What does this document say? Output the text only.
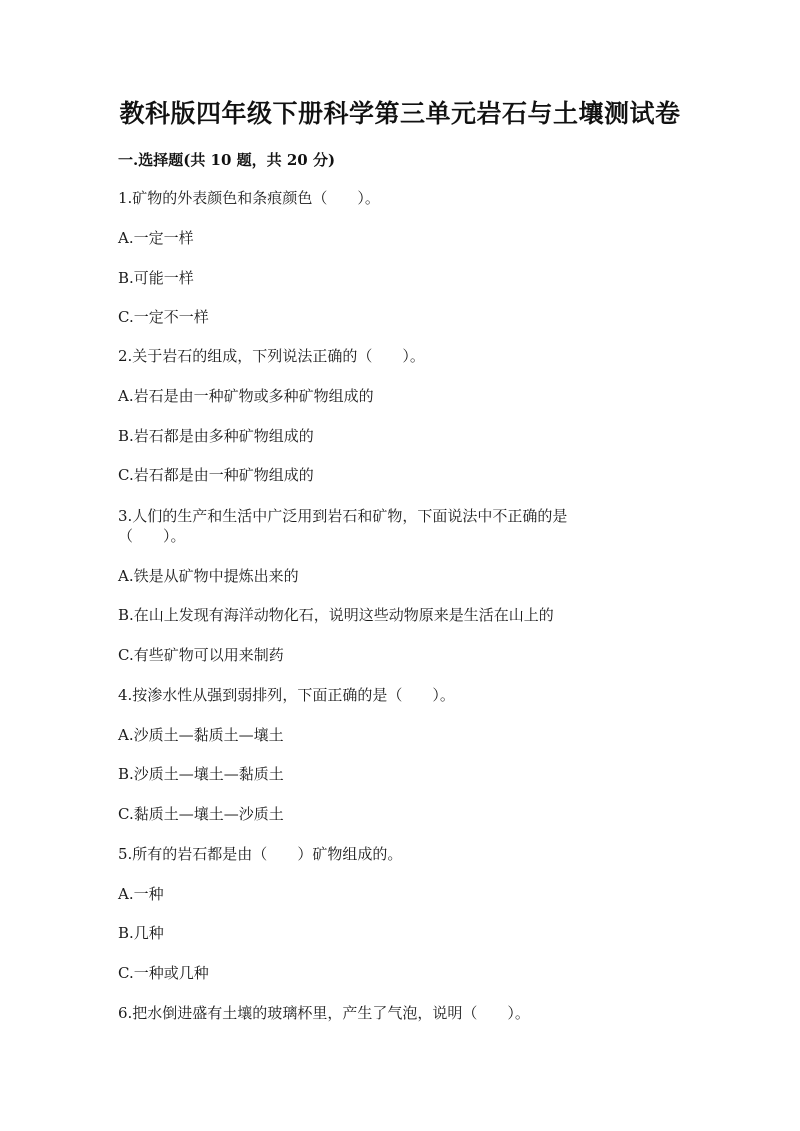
教科版四年级下册科学第三单元岩石与土壤测试卷
一.选择题(共 10 题，共 20 分)
1.矿物的外表颜色和条痕颜色（　　）。
A.一定一样
B.可能一样
C.一定不一样
2.关于岩石的组成，下列说法正确的（　　）。
A.岩石是由一种矿物或多种矿物组成的
B.岩石都是由多种矿物组成的
C.岩石都是由一种矿物组成的
3.人们的生产和生活中广泛用到岩石和矿物，下面说法中不正确的是
（　　）。
A.铁是从矿物中提炼出来的
B.在山上发现有海洋动物化石，说明这些动物原来是生活在山上的
C.有些矿物可以用来制药
4.按渗水性从强到弱排列，下面正确的是（　　）。
A.沙质土—黏质土—壤土
B.沙质土—壤土—黏质土
C.黏质土—壤土—沙质土
5.所有的岩石都是由（　　）矿物组成的。
A.一种
B.几种
C.一种或几种
6.把水倒进盛有土壤的玻璃杯里，产生了气泡，说明（　　）。
